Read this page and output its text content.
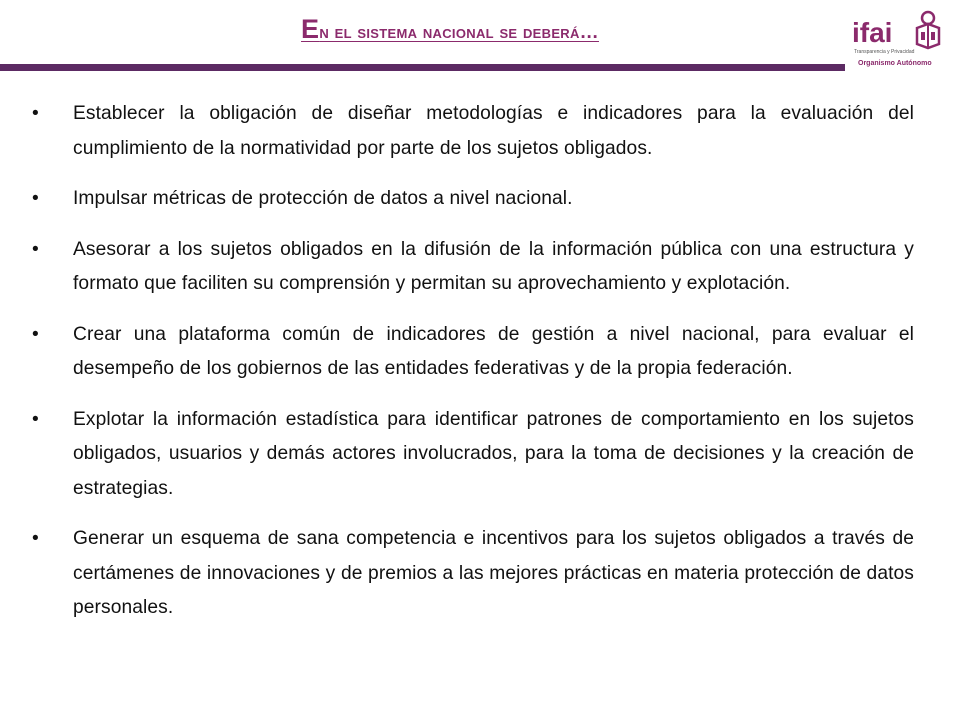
En el sistema nacional se deberá…	ifai
Transparencia y Privacidad
Organismo Autónomo
• Establecer la obligación de diseñar metodologías e indicadores para la evaluación del cumplimiento de la normatividad por parte de los sujetos obligados.
• Impulsar métricas de protección de datos a nivel nacional.
• Asesorar a los sujetos obligados en la difusión de la información pública con una estructura y formato que faciliten su comprensión y permitan su aprovechamiento y explotación.
• Crear una plataforma común de indicadores de gestión a nivel nacional, para evaluar el desempeño de los gobiernos de las entidades federativas y de la propia federación.
• Explotar la información estadística para identificar patrones de comportamiento en los sujetos obligados, usuarios y demás actores involucrados, para la toma de decisiones y la creación de estrategias.
• Generar un esquema de sana competencia e incentivos para los sujetos obligados a través de certámenes de innovaciones y de premios a las mejores prácticas en materia protección de datos personales.
